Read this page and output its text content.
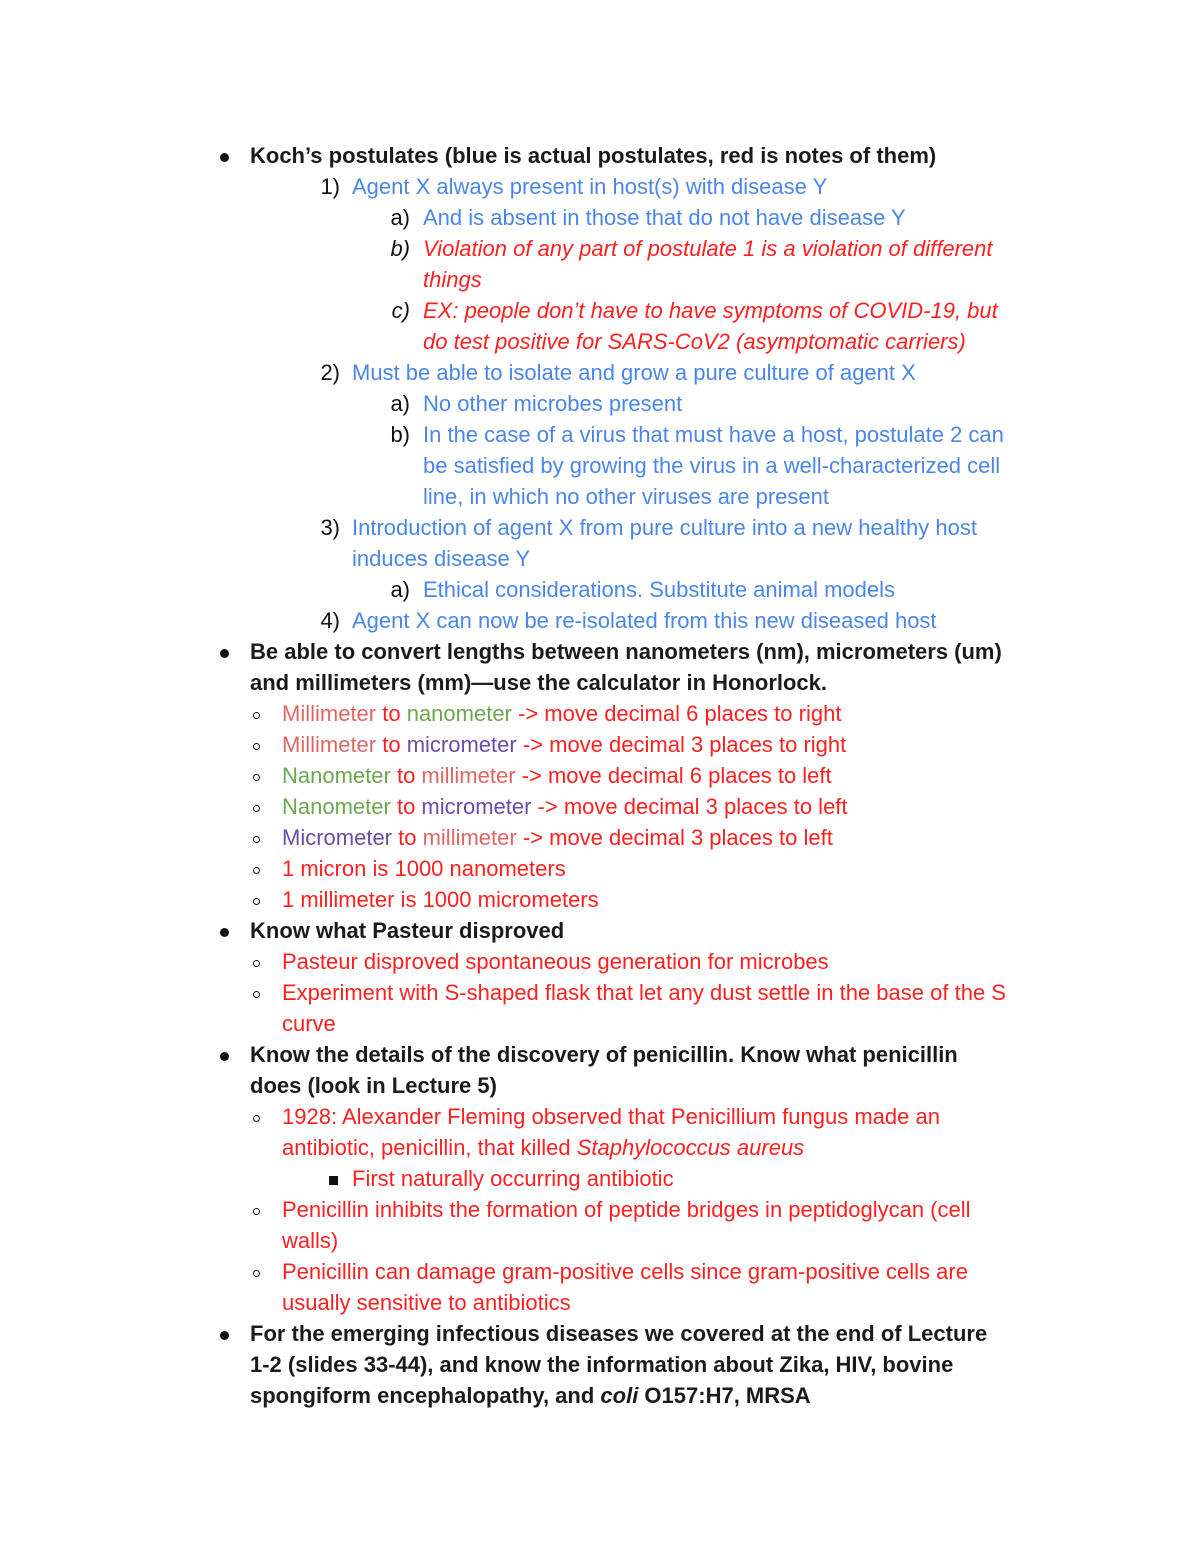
Koch’s postulates (blue is actual postulates, red is notes of them)
1) Agent X always present in host(s) with disease Y
a) And is absent in those that do not have disease Y
b) Violation of any part of postulate 1 is a violation of different
things
c) EX: people don’t have to have symptoms of COVID-19, but
do test positive for SARS-CoV2 (asymptomatic carriers)
2) Must be able to isolate and grow a pure culture of agent X
a) No other microbes present
b) In the case of a virus that must have a host, postulate 2 can
be satisfied by growing the virus in a well-characterized cell
line, in which no other viruses are present
3) Introduction of agent X from pure culture into a new healthy host
induces disease Y
a) Ethical considerations. Substitute animal models
4) Agent X can now be re-isolated from this new diseased host
Be able to convert lengths between nanometers (nm), micrometers (um)
and millimeters (mm)—use the calculator in Honorlock.
Millimeter to nanometer -> move decimal 6 places to right
Millimeter to micrometer -> move decimal 3 places to right
Nanometer to millimeter -> move decimal 6 places to left
Nanometer to micrometer -> move decimal 3 places to left
Micrometer to millimeter -> move decimal 3 places to left
1 micron is 1000 nanometers
1 millimeter is 1000 micrometers
Know what Pasteur disproved
Pasteur disproved spontaneous generation for microbes
Experiment with S-shaped flask that let any dust settle in the base of the S
curve
Know the details of the discovery of penicillin. Know what penicillin
does (look in Lecture 5)
1928: Alexander Fleming observed that Penicillium fungus made an
antibiotic, penicillin, that killed Staphylococcus aureus
First naturally occurring antibiotic
Penicillin inhibits the formation of peptide bridges in peptidoglycan (cell
walls)
Penicillin can damage gram-positive cells since gram-positive cells are
usually sensitive to antibiotics
For the emerging infectious diseases we covered at the end of Lecture
1-2 (slides 33-44), and know the information about Zika, HIV, bovine
spongiform encephalopathy, and coli O157:H7, MRSA
